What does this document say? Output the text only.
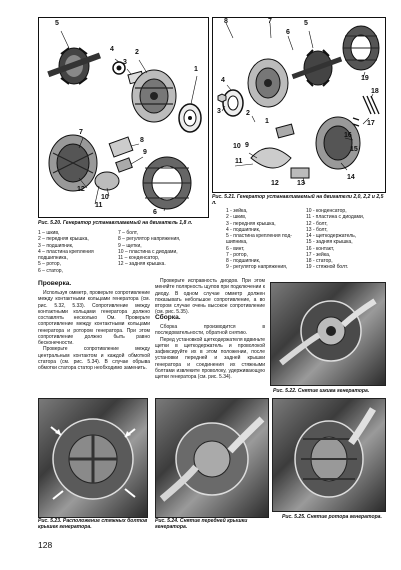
5
4
3
2
1
6
7
8
9
10
11
12
8	7
6
5
4
3	2
1
19
18
17
16
15
14
13
12
11
10 9
Рис. 5.20. Генератор устанавливаемый на двигатель 1,8 л.
Рис. 5.21. Генератор устанавливаемый на двигатели 2,0, 2,2 и 2,5 л.
1 – шкив,
2 – передняя крышка,
3 – подшипник,
4 – пластина крепления подшипника,
5 – ротор,
6 – статор,
7 – болт,
8 – регулятор напряжения,
9 – щетки,
10 – пластина с диодами,
11 – конденсатор,
12 – задняя крышка.
1 - зейка,
2 - шкив,
3 - передняя крышка,
4 - подшипник,
5 - пластина крепления под-
шипника,
6 - винт,
7 - ротор,
8 - подшипник,
9 - регулятор напряжения,
10 - конденсатор,
11 - пластина с диодами,
12 - болт,
13 - болт,
14 - щеткодержатель,
15 - задняя крышка,
16 - контакт,
17 - зейка,
18 - статор,
19 - стяжной болт.
Проверка.

Используя омметр, проверьте сопротивление между контактными кольцами генератора (см. рис. 5.32, 5.33). Сопротивление между контактными кольцами генератора должно составлять несколько Ом. Проверьте сопротивление между контактными кольцами генератора и ротором генератора. При этом сопротивление должно быть равно бесконечности.

Проверьте сопротивление между центральным контактом и каждой обмоткой статора (см. рис. 5.34). В случае обрыва обмотки статора статор необходимо заменить.

Проверьте исправность диодов. При этом меняйте полярность щупов при подключении к диоду. В одном случае омметр должен показывать небольшое сопротивление, а во втором случае очень высокое сопротивление (см. рис. 5.35).

Сборка.

Сборка производится в последовательности, обратной снятию.

Перед установкой щеткодержателя вдвиньте щетки в щеткодержатель и проволокой зафиксируйте их в этом положении, после установки передней и задней крышки генератора и соединения их стяжными болтами извлеките проволоку, удерживающую щетки генератора (см. рис. 5.34).

Рис. 5.22. Снятие шкива генератора.
Рис. 5.23. Расположение стяжных болтов крышек генератора.
Рис. 5.24. Снятие передней крышки генератора.
Рис. 5.25. Снятие ротора генератора.
128
